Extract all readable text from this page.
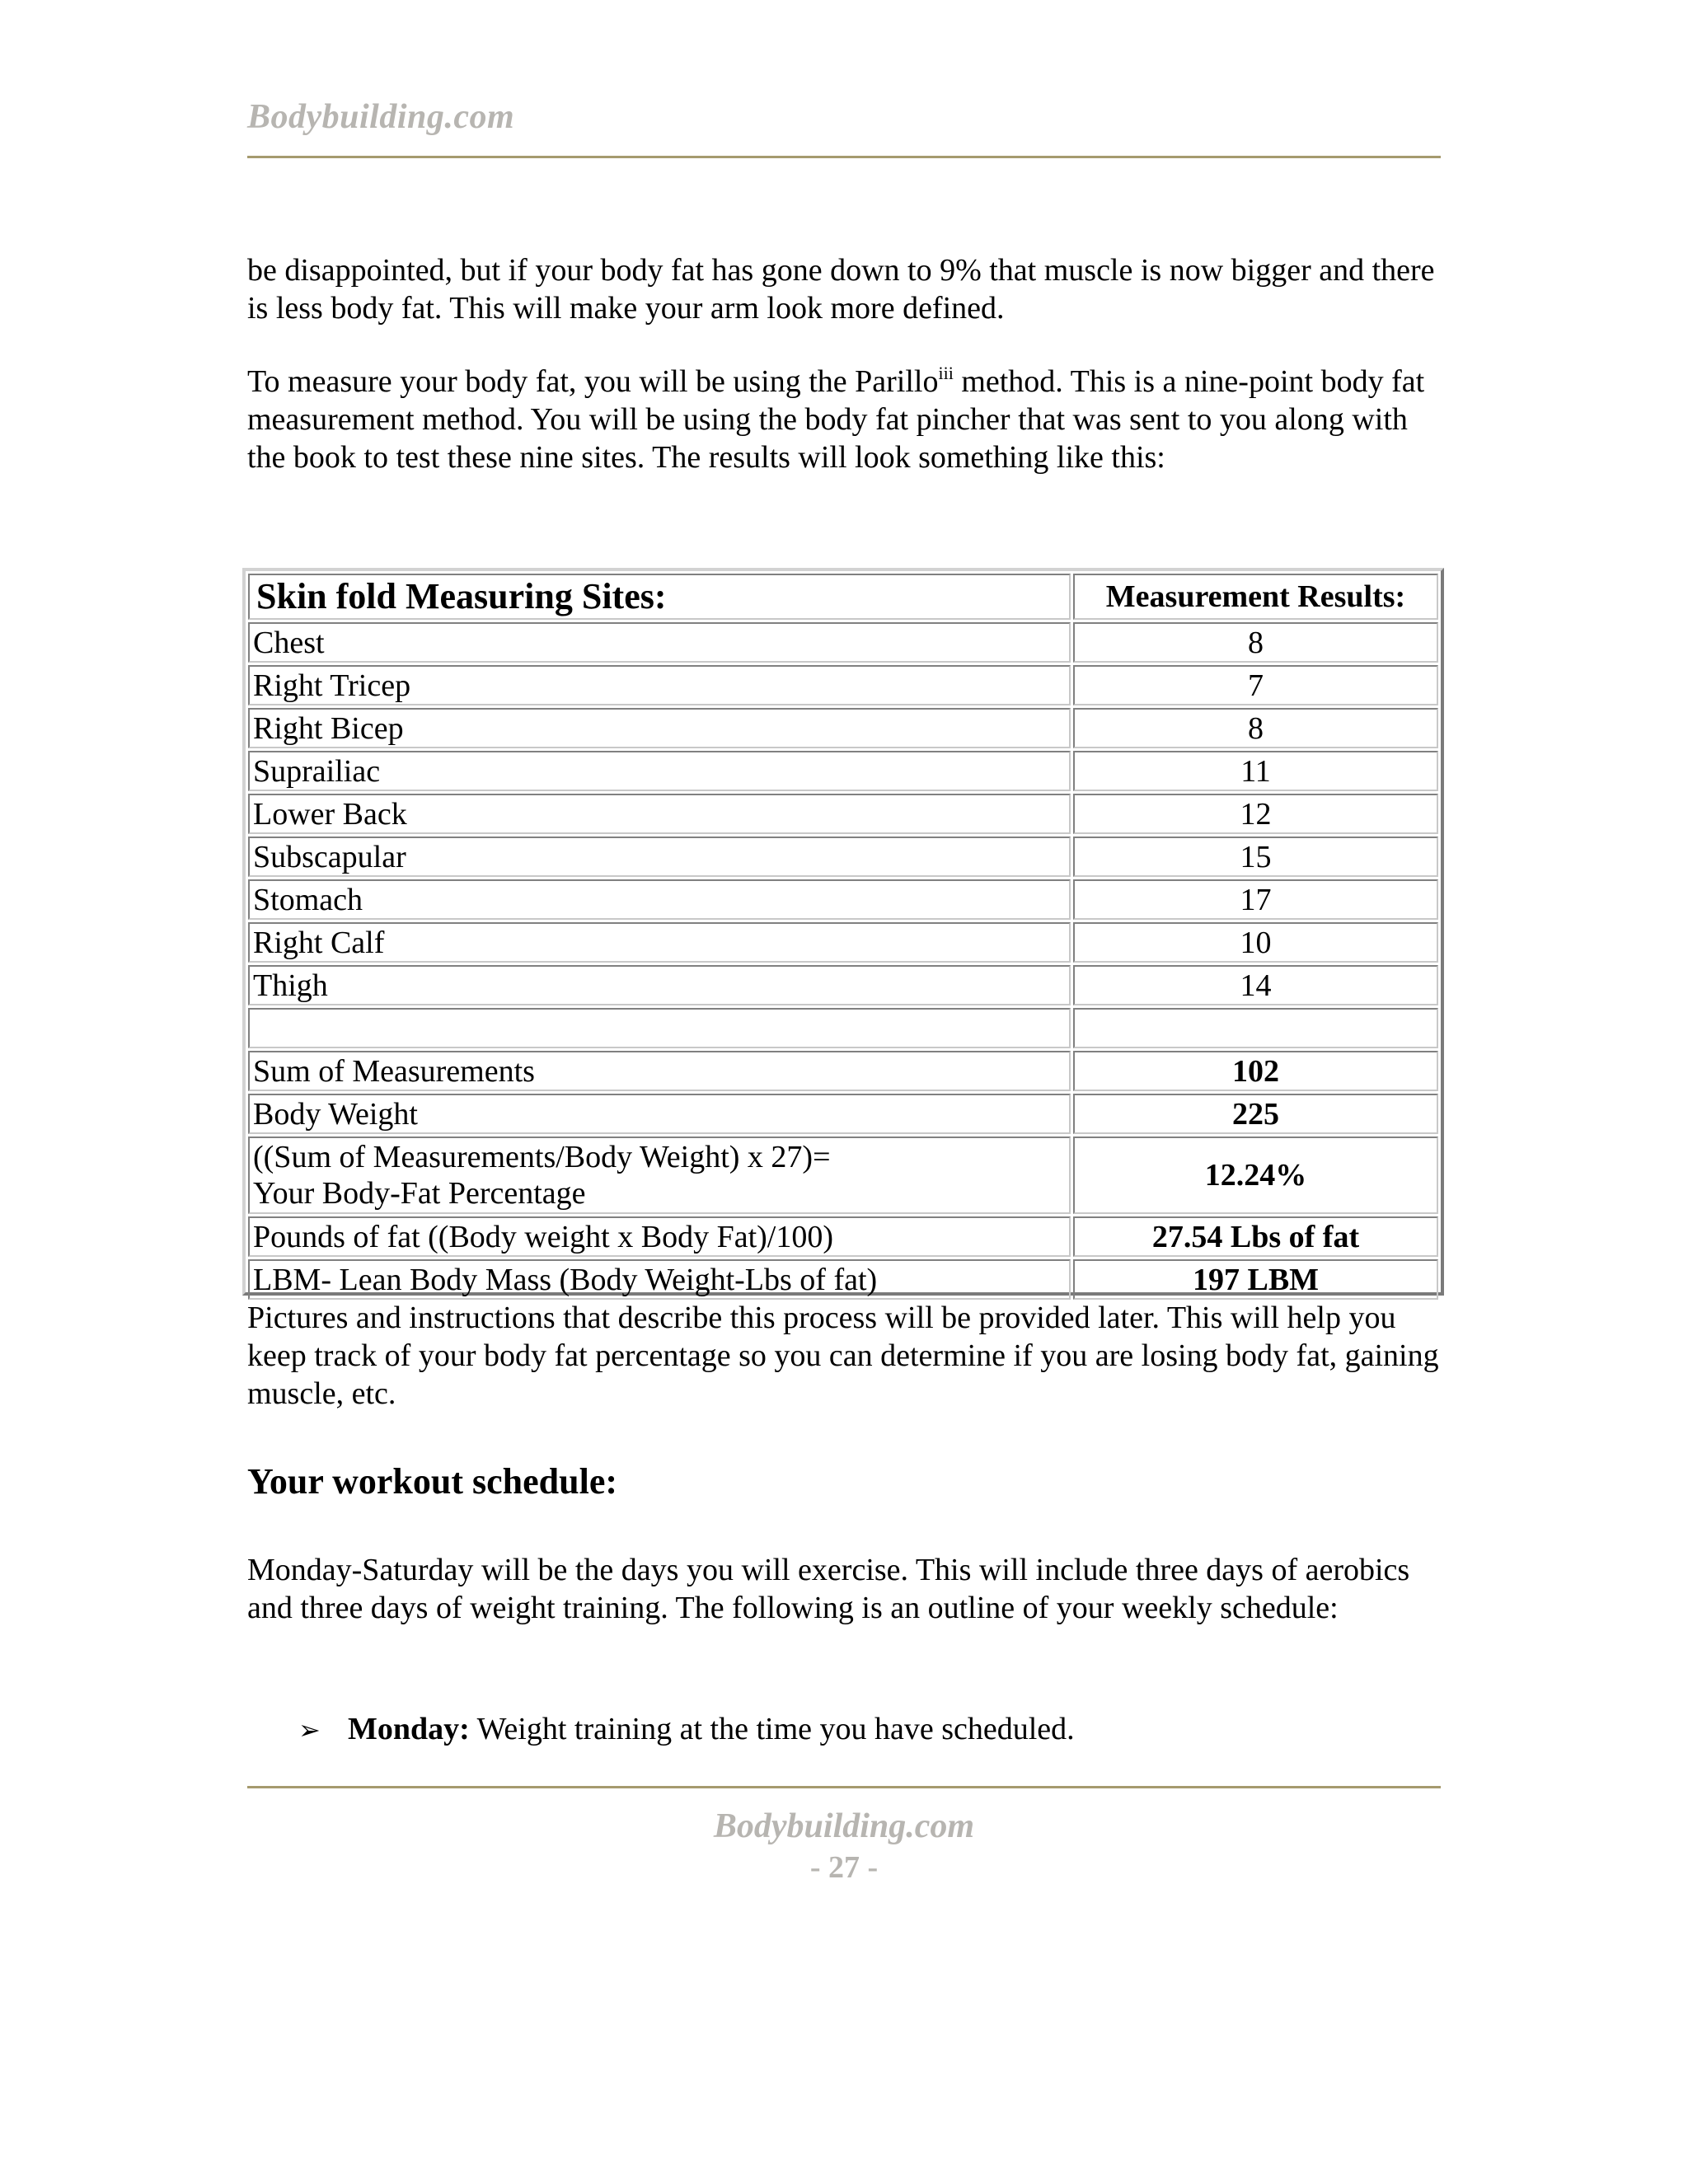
Bodybuilding.com

be disappointed, but if your body fat has gone down to 9% that muscle is now bigger and there is less body fat. This will make your arm look more defined.

To measure your body fat, you will be using the Parillo$^{iii}$ method. This is a nine-point body fat measurement method. You will be using the body fat pincher that was sent to you along with the book to test these nine sites. The results will look something like this:

Skin fold Measuring Sites:	Measurement Results:
Chest	8
Right Tricep	7
Right Bicep	8
Suprailiac	11
Lower Back	12
Subscapular	15
Stomach	17
Right Calf	10
Thigh	14

Sum of Measurements	102
Body Weight	225
((Sum of Measurements/Body Weight) x 27)=
Your Body-Fat Percentage	12.24%
Pounds of fat ((Body weight x Body Fat)/100)	27.54 Lbs of fat
LBM- Lean Body Mass (Body Weight-Lbs of fat)	197 LBM

Pictures and instructions that describe this process will be provided later. This will help you keep track of your body fat percentage so you can determine if you are losing body fat, gaining muscle, etc.

Your workout schedule:

Monday-Saturday will be the days you will exercise. This will include three days of aerobics and three days of weight training. The following is an outline of your weekly schedule:

➢ Monday: Weight training at the time you have scheduled.
Bodybuilding.com
- 27 -
